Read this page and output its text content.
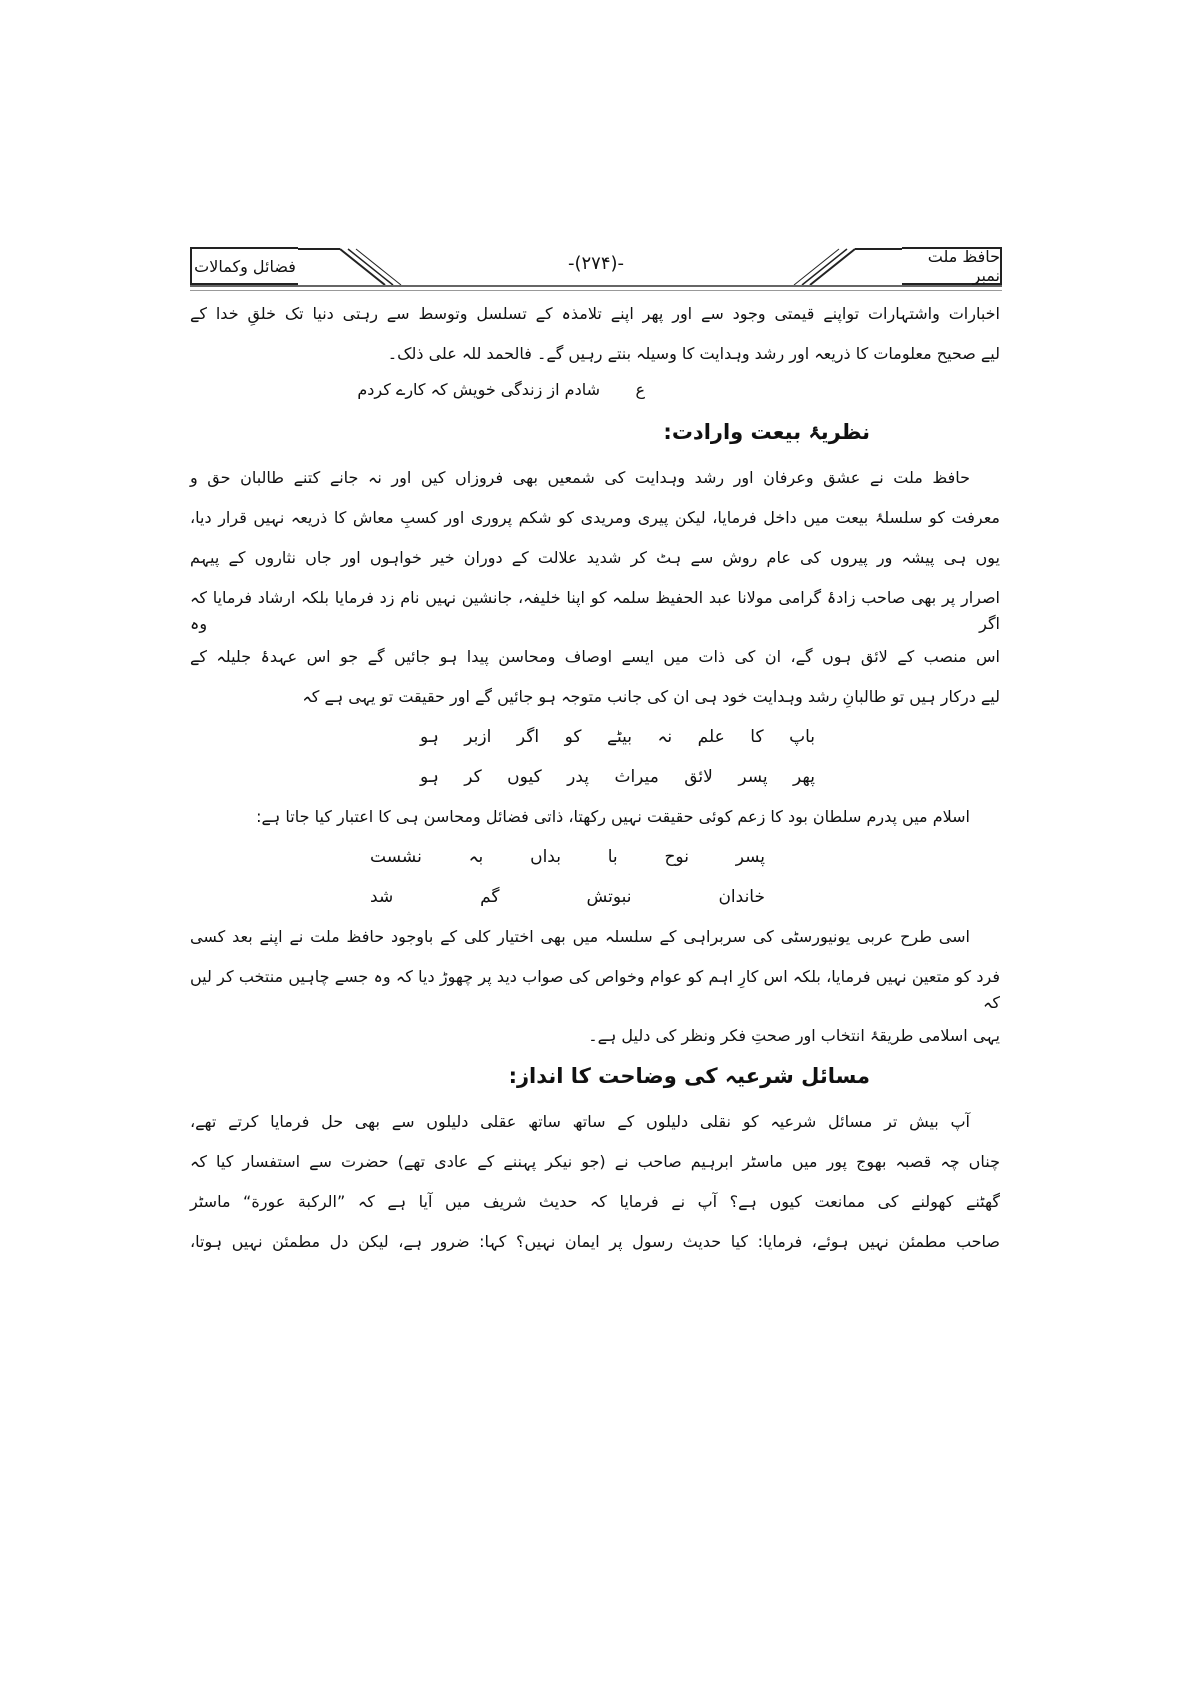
حافظ ملت نمبر
-(۲۷۴)-
فضائل وکمالات
اخبارات واشتہارات تواپنے قیمتی وجود سے اور پھر اپنے تلامذہ کے تسلسل وتوسط سے رہتی دنیا تک خلقِ خدا کے
لیے صحیح معلومات کا ذریعہ اور رشد وہدایت کا وسیلہ بنتے رہیں گے۔ فالحمد للہ علی ذلک۔
ع
شادم از زندگی خویش کہ کارے کردم
نظریۂ بیعت وارادت:
حافظ ملت نے عشق وعرفان اور رشد وہدایت کی شمعیں بھی فروزاں کیں اور نہ جانے کتنے طالبان حق و
معرفت کو سلسلۂ بیعت میں داخل فرمایا، لیکن پیری ومریدی کو شکم پروری اور کسبِ معاش کا ذریعہ نہیں قرار دیا،
یوں ہی پیشہ ور پیروں کی عام روش سے ہٹ کر شدید علالت کے دوران خیر خواہوں اور جاں نثاروں کے پیہم
اصرار پر بھی صاحب زادۂ گرامی مولانا عبد الحفیظ سلمہ کو اپنا خلیفہ، جانشین نہیں نام زد فرمایا بلکہ ارشاد فرمایا کہ اگر وہ
اس منصب کے لائق ہوں گے، ان کی ذات میں ایسے اوصاف ومحاسن پیدا ہو جائیں گے جو اس عہدۂ جلیلہ کے
لیے درکار ہیں تو طالبانِ رشد وہدایت خود ہی ان کی جانب متوجہ ہو جائیں گے اور حقیقت تو یہی ہے کہ
باپ
کا
علم
نہ
بیٹے
کو
اگر
ازبر
ہو
پھر
پسر
لائق
میراث
پدر
کیوں
کر
ہو
اسلام میں پدرم سلطان بود کا زعم کوئی حقیقت نہیں رکھتا، ذاتی فضائل ومحاسن ہی کا اعتبار کیا جاتا ہے:
پسر
نوح
با
بداں
بہ
نشست
خاندان
نبوتش
گم
شد
اسی طرح عربی یونیورسٹی کی سربراہی کے سلسلہ میں بھی اختیار کلی کے باوجود حافظ ملت نے اپنے بعد کسی
فرد کو متعین نہیں فرمایا، بلکہ اس کارِ اہم کو عوام وخواص کی صواب دید پر چھوڑ دیا کہ وہ جسے چاہیں منتخب کر لیں کہ
یہی اسلامی طریقۂ انتخاب اور صحتِ فکر ونظر کی دلیل ہے۔
مسائل شرعیہ کی وضاحت کا انداز:
آپ بیش تر مسائل شرعیہ کو نقلی دلیلوں کے ساتھ ساتھ عقلی دلیلوں سے بھی حل فرمایا کرتے تھے،
چناں چہ قصبہ بھوج پور میں ماسٹر ابرہیم صاحب نے (جو نیکر پہننے کے عادی تھے) حضرت سے استفسار کیا کہ
گھٹنے کھولنے کی ممانعت کیوں ہے؟ آپ نے فرمایا کہ حدیث شریف میں آیا ہے کہ ”الرکبة عورة“ ماسٹر
صاحب مطمئن نہیں ہوئے، فرمایا: کیا حدیث رسول پر ایمان نہیں؟ کہا: ضرور ہے، لیکن دل مطمئن نہیں ہوتا،
